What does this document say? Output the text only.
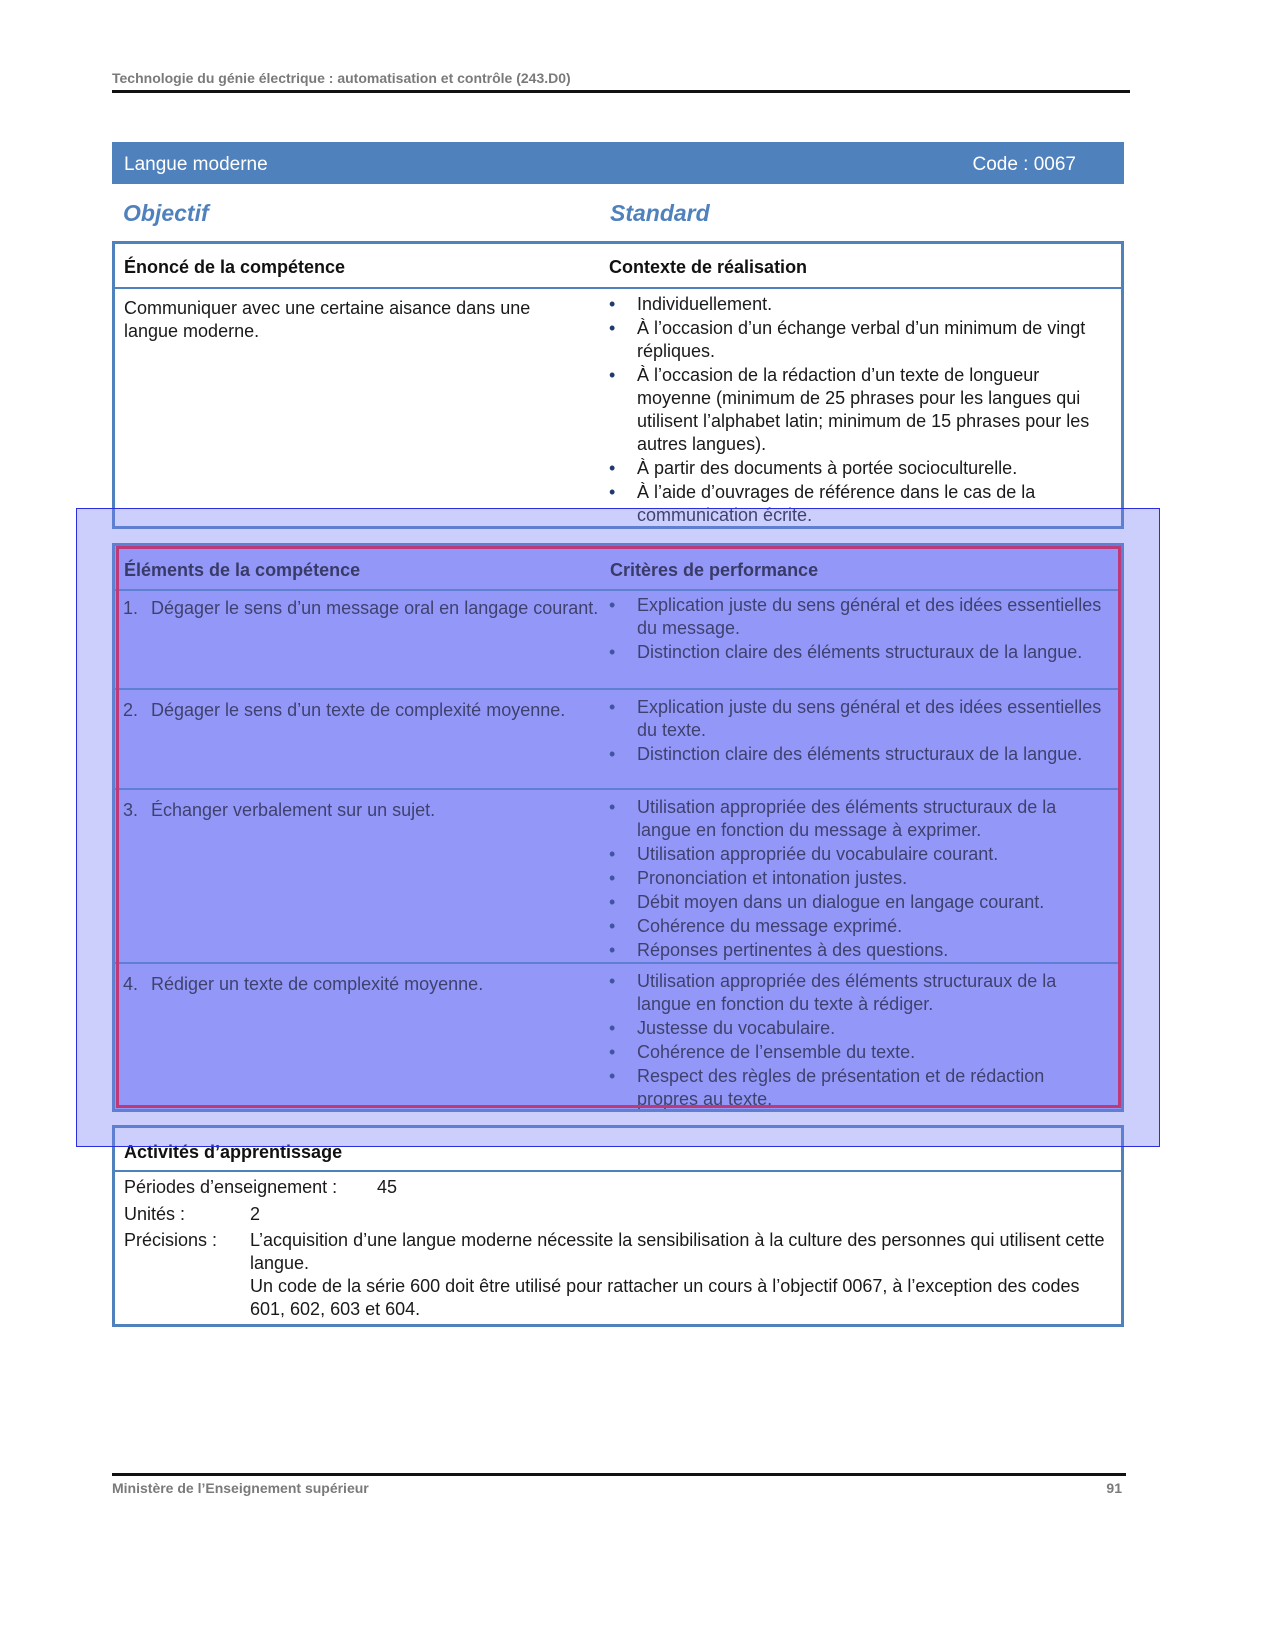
Technologie du génie électrique : automatisation et contrôle (243.D0)
Langue moderne	Code : 0067
Objectif	Standard
Énoncé de la compétence	Contexte de réalisation
Communiquer avec une certaine aisance dans une langue moderne.
• Individuellement.
• À l’occasion d’un échange verbal d’un minimum de vingt répliques.
• À l’occasion de la rédaction d’un texte de longueur moyenne (minimum de 25 phrases pour les langues qui utilisent l’alphabet latin; minimum de 15 phrases pour les autres langues).
• À partir des documents à portée socioculturelle.
• À l’aide d’ouvrages de référence dans le cas de la communication écrite.
Éléments de la compétence	Critères de performance
1. Dégager le sens d’un message oral en langage courant.	• Explication juste du sens général et des idées essentielles du message.
• Distinction claire des éléments structuraux de la langue.
2. Dégager le sens d’un texte de complexité moyenne.	• Explication juste du sens général et des idées essentielles du texte.
• Distinction claire des éléments structuraux de la langue.
3. Échanger verbalement sur un sujet.	• Utilisation appropriée des éléments structuraux de la langue en fonction du message à exprimer.
• Utilisation appropriée du vocabulaire courant.
• Prononciation et intonation justes.
• Débit moyen dans un dialogue en langage courant.
• Cohérence du message exprimé.
• Réponses pertinentes à des questions.
4. Rédiger un texte de complexité moyenne.	• Utilisation appropriée des éléments structuraux de la langue en fonction du texte à rédiger.
• Justesse du vocabulaire.
• Cohérence de l’ensemble du texte.
• Respect des règles de présentation et de rédaction propres au texte.
Activités d’apprentissage
Périodes d’enseignement : 45
Unités :	2
Précisions : L’acquisition d’une langue moderne nécessite la sensibilisation à la culture des personnes qui utilisent cette langue.
Un code de la série 600 doit être utilisé pour rattacher un cours à l’objectif 0067, à l’exception des codes 601, 602, 603 et 604.
Ministère de l’Enseignement supérieur	91
